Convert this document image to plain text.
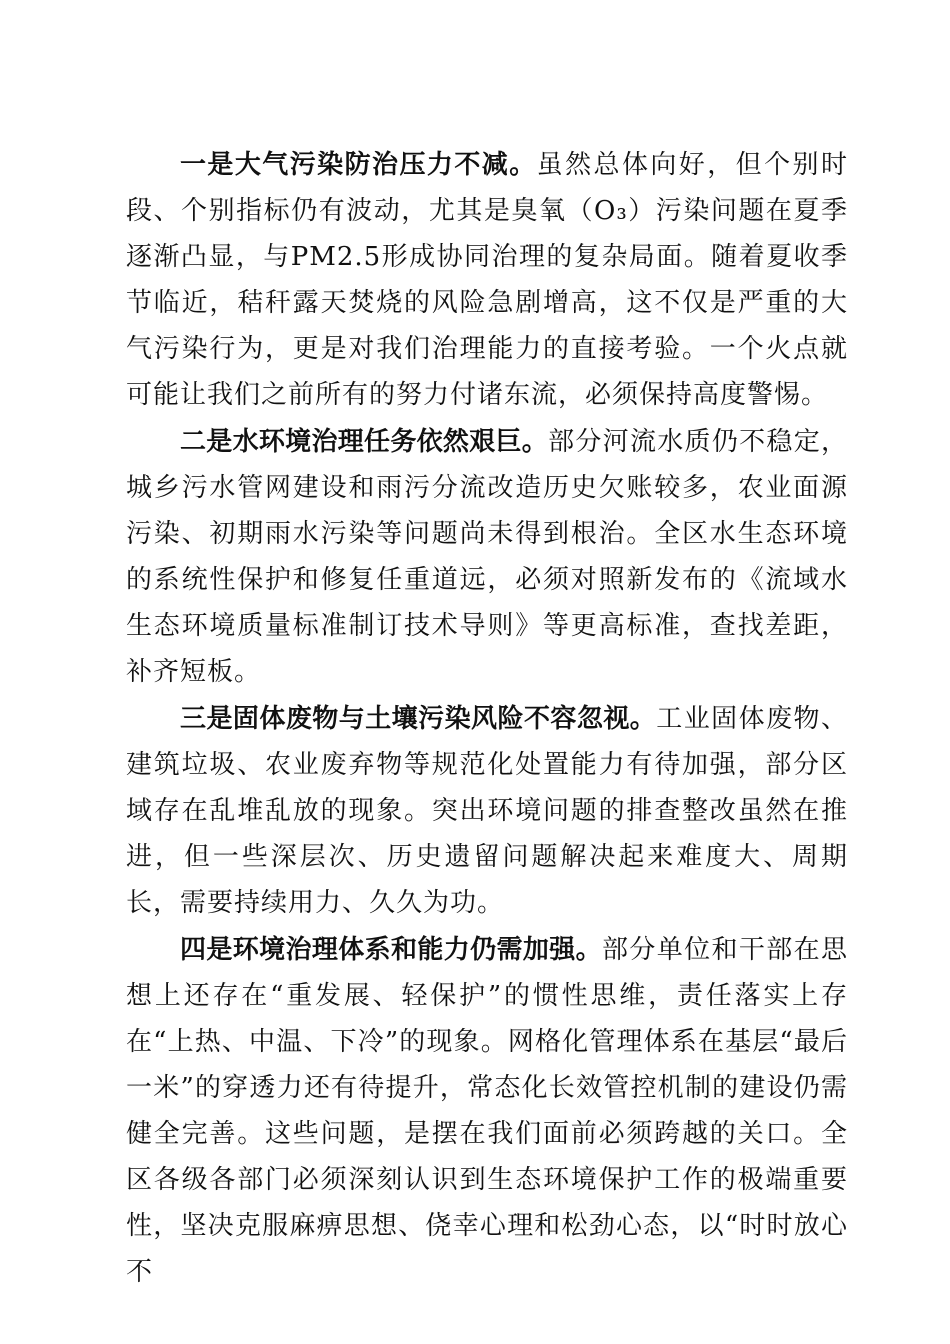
一是大气污染防治压力不减。虽然总体向好，但个别时段、个别指标仍有波动，尤其是臭氧（O₃）污染问题在夏季逐渐凸显，与PM2.5形成协同治理的复杂局面。随着夏收季节临近，秸秆露天焚烧的风险急剧增高，这不仅是严重的大气污染行为，更是对我们治理能力的直接考验。一个火点就可能让我们之前所有的努力付诸东流，必须保持高度警惕。

二是水环境治理任务依然艰巨。部分河流水质仍不稳定，城乡污水管网建设和雨污分流改造历史欠账较多，农业面源污染、初期雨水污染等问题尚未得到根治。全区水生态环境的系统性保护和修复任重道远，必须对照新发布的《流域水生态环境质量标准制订技术导则》等更高标准，查找差距，补齐短板。

三是固体废物与土壤污染风险不容忽视。工业固体废物、建筑垃圾、农业废弃物等规范化处置能力有待加强，部分区域存在乱堆乱放的现象。突出环境问题的排查整改虽然在推进，但一些深层次、历史遗留问题解决起来难度大、周期长，需要持续用力、久久为功。

四是环境治理体系和能力仍需加强。部分单位和干部在思想上还存在“重发展、轻保护”的惯性思维，责任落实上存在“上热、中温、下冷”的现象。网格化管理体系在基层“最后一米”的穿透力还有待提升，常态化长效管控机制的建设仍需健全完善。这些问题，是摆在我们面前必须跨越的关口。全区各级各部门必须深刻认识到生态环境保护工作的极端重要性，坚决克服麻痹思想、侥幸心理和松劲心态，以“时时放心不
